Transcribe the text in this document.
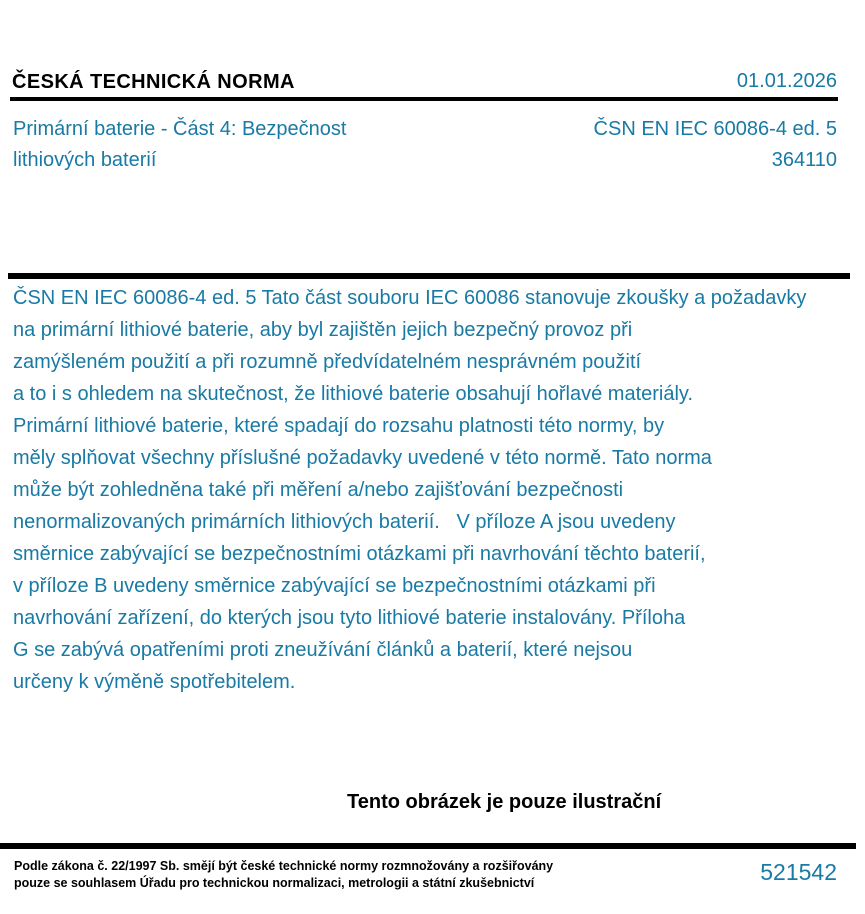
ČESKÁ TECHNICKÁ NORMA	01.01.2026
Primární baterie - Část 4: Bezpečnost
lithiových baterií
ČSN EN IEC 60086-4 ed. 5
364110
ČSN EN IEC 60086-4 ed. 5 Tato část souboru IEC 60086 stanovuje zkoušky a požadavky
na primární lithiové baterie, aby byl zajištěn jejich bezpečný provoz při
zamýšleném použití a při rozumně předvídatelném nesprávném použití
a to i s ohledem na skutečnost, že lithiové baterie obsahují hořlavé materiály.
Primární lithiové baterie, které spadají do rozsahu platnosti této normy, by
měly splňovat všechny příslušné požadavky uvedené v této normě. Tato norma
může být zohledněna také při měření a/nebo zajišťování bezpečnosti
nenormalizovaných primárních lithiových baterií.   V příloze A jsou uvedeny
směrnice zabývající se bezpečnostními otázkami při navrhování těchto baterií,
v příloze B uvedeny směrnice zabývající se bezpečnostními otázkami při
navrhování zařízení, do kterých jsou tyto lithiové baterie instalovány. Příloha
G se zabývá opatřeními proti zneužívání článků a baterií, které nejsou
určeny k výměně spotřebitelem.
Tento obrázek je pouze ilustrační
Podle zákona č. 22/1997 Sb. smějí být české technické normy rozmnožovány a rozšiřovány
pouze se souhlasem Úřadu pro technickou normalizaci, metrologii a státní zkušebnictví	521542
